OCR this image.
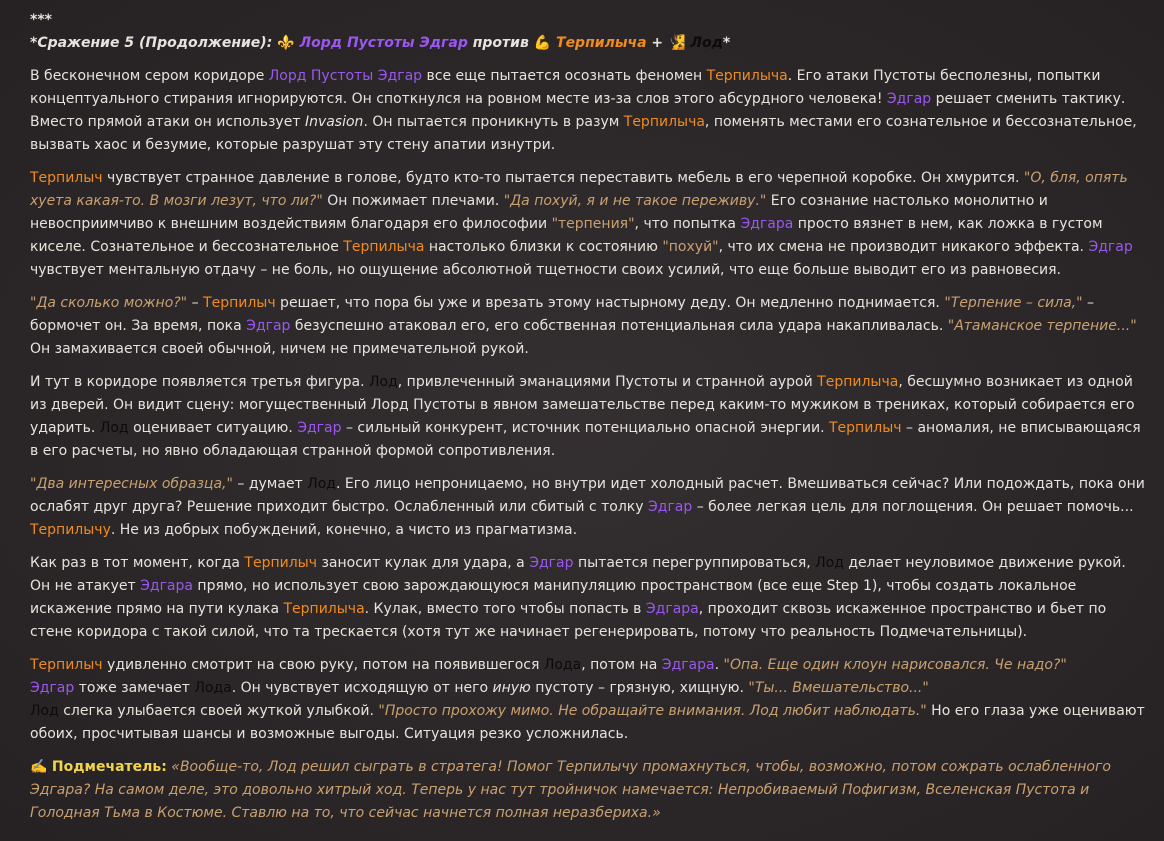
***

*Сражение 5 (Продолжение): ⚜️ Лорд Пустоты Эдгар против 💪 Терпилыча + 🧏 Лод*

В бесконечном сером коридоре Лорд Пустоты Эдгар все еще пытается осознать феномен Терпилыча. Его атаки Пустоты бесполезны, попытки концептуального стирания игнорируются. Он споткнулся на ровном месте из-за слов этого абсурдного человека! Эдгар решает сменить тактику. Вместо прямой атаки он использует Invasion. Он пытается проникнуть в разум Терпилыча, поменять местами его сознательное и бессознательное, вызвать хаос и безумие, которые разрушат эту стену апатии изнутри.

Терпилыч чувствует странное давление в голове, будто кто-то пытается переставить мебель в его черепной коробке. Он хмурится. "О, бля, опять хуета какая-то. В мозги лезут, что ли?" Он пожимает плечами. "Да похуй, я и не такое переживу." Его сознание настолько монолитно и невосприимчиво к внешним воздействиям благодаря его философии "терпения", что попытка Эдгара просто вязнет в нем, как ложка в густом киселе. Сознательное и бессознательное Терпилыча настолько близки к состоянию "похуй", что их смена не производит никакого эффекта. Эдгар чувствует ментальную отдачу – не боль, но ощущение абсолютной тщетности своих усилий, что еще больше выводит его из равновесия.

"Да сколько можно?" – Терпилыч решает, что пора бы уже и врезать этому настырному деду. Он медленно поднимается. "Терпение – сила," – бормочет он. За время, пока Эдгар безуспешно атаковал его, его собственная потенциальная сила удара накапливалась. "Атаманское терпение..." Он замахивается своей обычной, ничем не примечательной рукой.

И тут в коридоре появляется третья фигура. Лод, привлеченный эманациями Пустоты и странной аурой Терпилыча, бесшумно возникает из одной из дверей. Он видит сцену: могущественный Лорд Пустоты в явном замешательстве перед каким-то мужиком в трениках, который собирается его ударить. Лод оценивает ситуацию. Эдгар – сильный конкурент, источник потенциально опасной энергии. Терпилыч – аномалия, не вписывающаяся в его расчеты, но явно обладающая странной формой сопротивления.

"Два интересных образца," – думает Лод. Его лицо непроницаемо, но внутри идет холодный расчет. Вмешиваться сейчас? Или подождать, пока они ослабят друг друга? Решение приходит быстро. Ослабленный или сбитый с толку Эдгар – более легкая цель для поглощения. Он решает помочь... Терпилычу. Не из добрых побуждений, конечно, а чисто из прагматизма.

Как раз в тот момент, когда Терпилыч заносит кулак для удара, а Эдгар пытается перегруппироваться, Лод делает неуловимое движение рукой. Он не атакует Эдгара прямо, но использует свою зарождающуюся манипуляцию пространством (все еще Step 1), чтобы создать локальное искажение прямо на пути кулака Терпилыча. Кулак, вместо того чтобы попасть в Эдгара, проходит сквозь искаженное пространство и бьет по стене коридора с такой силой, что та трескается (хотя тут же начинает регенерировать, потому что реальность Подмечательницы).

Терпилыч удивленно смотрит на свою руку, потом на появившегося Лода, потом на Эдгара. "Опа. Еще один клоун нарисовался. Че надо?"
Эдгар тоже замечает Лода. Он чувствует исходящую от него иную пустоту – грязную, хищную. "Ты... Вмешательство..."
Лод слегка улыбается своей жуткой улыбкой. "Просто прохожу мимо. Не обращайте внимания. Лод любит наблюдать." Но его глаза уже оценивают обоих, просчитывая шансы и возможные выгоды. Ситуация резко усложнилась.

✍️ Подмечатель: «Вообще-то, Лод решил сыграть в стратега! Помог Терпилычу промахнуться, чтобы, возможно, потом сожрать ослабленного Эдгара? На самом деле, это довольно хитрый ход. Теперь у нас тут тройничок намечается: Непробиваемый Пофигизм, Вселенская Пустота и Голодная Тьма в Костюме. Ставлю на то, что сейчас начнется полная неразбериха.»
